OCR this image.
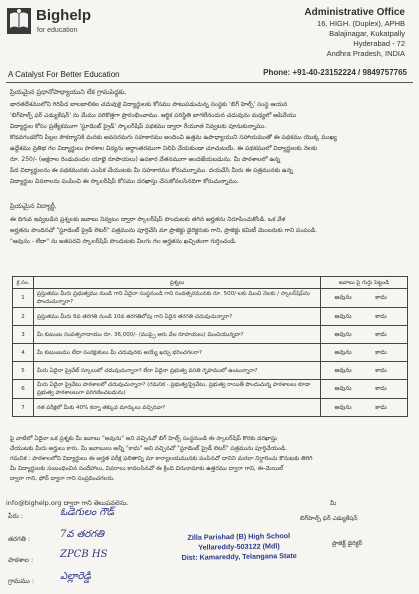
Bighelp
for education
Administrative Office
16, HIGH. (Duplex), APHB
Balajinagar, Kukatpally
Hyderabad - 72
Andhra Pradesh, INDIA
A Catalyst For Better Education	Phone: +91-40-23152224 / 9849757765
ప్రియమైన ప్రధానోపాధ్యాయుని లేక గ్రామపెద్దకు,
భారతదేశములోని గిరిపేద బాలబాలికల చదువుకై విద్యార్థులకు కోసము పాటుపడుచున్న సంస్థకు 'బిగ్ హెల్ప్' సంస్థ ఆయన
'బిగ్‌హెల్ప్ ఫర్ ఎడ్యుకేషన్' ను మేము సరికొత్తగా ప్రారంభించాము. ఆర్థిక పరిస్థితి బాగలేనందున చదువును మధ్యలో ఆపివేయు
విద్యార్థుల కోసం ప్రత్యేకముగా 'స్టూడెంట్ ప్రైడ్' స్కాలర్‌షిప్ పథకము ద్వారా రేయూత నివ్వటకు పూనుకున్నాము.
కొడవగండరోని పిల్లల సౌకర్యానికి మనకు అవసరమగు సహకారము అందించి ఉత్తమ ఉపాధ్యాయుని సహాయముతో ఈ పథకము యొక్క ముఖ్య
ఉద్దేశము ప్రతిభ గల విద్యార్థులు పాఠశాల విద్యను అర్ధాంతరముగా నిలిపి వేయకుండా చూచుటయే. ఈ పథకములో విద్యార్థులకు నెలకు
రూ. 250/- (అక్షరాల రెండువందల యాభై రూపాయలు) ఉపకార వేతనముగా అందజేయబడును. మీ పాఠశాలలో ఉన్న
పేద విద్యార్థులను ఈ పథకమునకు ఎంపిక చేయుటకు మీ సహకారము కోరుచున్నాము. దయచేసి మీరు ఈ పత్రమునకు ఉన్న
విద్యార్థుల వివరాలను పంపించి ఈ స్కాలర్‌షిప్ కోసము దరఖాస్తు చేసుకోవలసినదిగా కోరుచున్నాము.
ప్రియమైన విద్యార్థీ,
ఈ దిగువ ఇవ్వబడిన ప్రశ్నలకు జవాబు నివ్వటం ద్వారా స్కాలర్‌షిప్ పొందుటకు తగిన అర్హతను నిరూపించుకోండి. ఒక వేళ
అర్హతను పొందినచో "స్టూడెంట్ ప్రైడ్ లెటర్" పత్రమును పూర్తిచేసి మా ప్రాజెక్టు డైరెక్టరుకు గాని, ప్రాజెక్టు కమిటీ మెంబరుకు గాని పంపండి.
"ఆవును - లేదా" ను జతపరచి స్కాలర్‌షిప్ పొందుటకు వీలగు గల అర్హతను ఖచ్చితంగా గుర్తించండి.
క్ర.సం.	ప్రశ్నలు	జవాబు పై గుర్తు పెట్టండి
1	ప్రస్తుతము మీరు ప్రభుత్వము నుండి గాని ఏదైనా సంస్థనుండి గాని సంవత్సరమునకు రూ. 500/-లకు మించి నెలకు / స్కాలర్‌షిప్‌ను పొందుచున్నారా?	అవును కాదు
2	ప్రస్తుతము మీరు 6వ తరగతి నుండి 10వ తరగతిలోపు గాని ఏదైన తరగతి చదువుచున్నారా?	అవును కాదు
3	మీ కుటుంబ సంవత్సరాదాయం రూ. 36,000/- (ముప్పై ఆరు వేల రూపాయలు) మించియున్నదా?	అవును కాదు
4	మీ కుటుంబము లేదా సంరక్షుకులు మీ చదువునకు అయ్యే ఖర్చు భరించగలరా?	అవును కాదు
5	మీరు ఏదైనా ప్రైవేట్ స్కూలులో చదువుచున్నారా? లేదా ఏదైనా ప్రభుత్వ వసతి గృహములో ఉంటున్నారా?	అవును కాదు
6	మీరు ఏదైనా ప్రైవేటు పాఠశాలలో చదువుచున్నారా? (గమనిక - ప్రభుత్వ/ప్రైవేటు, ప్రభుత్వ రాయితీ పొందుచున్న పాఠశాలలు కూడా ప్రభుత్వ పాఠశాలలుగా పరిగణించబడును)	అవును కాదు
7	గత పరీక్షలో మీకు 40% కన్నా తక్కువ మార్కులు వచ్చినవా?	అవును కాదు
పై వాటిలో ఏదైనా ఒక ప్రశ్నకు మీ జవాబు "అవును" అని వచ్చినచో బిగ్ హెల్ప్ సంస్థనుండి ఈ స్కాలర్‌షిప్ కొరకు దరఖాస్తు
చేయుటకు మీరు అర్హులు కారు. మీ జవాబులు అన్నీ "కాదు" అని వచ్చినచో "స్టూడెంట్ ప్రైడ్ లెటర్" పత్రమును పూర్తిచేయండి.
గమనిక : పాఠశాలలోని విద్యార్థులు ఈ అర్హత పరీక్ష ఫలితాన్ని మా కార్యాలయమునకు పంపినచో దానిని మరలా నిర్ధారించు కొనుటకు తిరిగి
మీ విద్యార్థులకు సంబంధించిన సందేహాలు, వివరాలు కావలసినచో ఈ క్రింది చిరునామాకు ఉత్తరము ద్వారా గాని, ఈ-మెయిల్
ద్వారా గాని, ఫోన్ ద్వారా గాని సంప్రదించగలరు.
info@bighelp.org ద్వారా గాని తెలుపవలెను.	మీ
బిగ్‌హెల్ప్ ఫర్ ఎడ్యుకేషన్
పేరు :	ఓడెగులం గౌడ్
తరగతి :	7వ తరగతి
పాఠశాల :	ZPCB HS
గ్రామము :	ఎల్లారెడ్డి
Zilla Parishad (B) High School
Yellareddy-503122 (Mdl)
Dist: Kamareddy, Telangana State
ప్రాజెక్ట్ డైరెక్టర్
